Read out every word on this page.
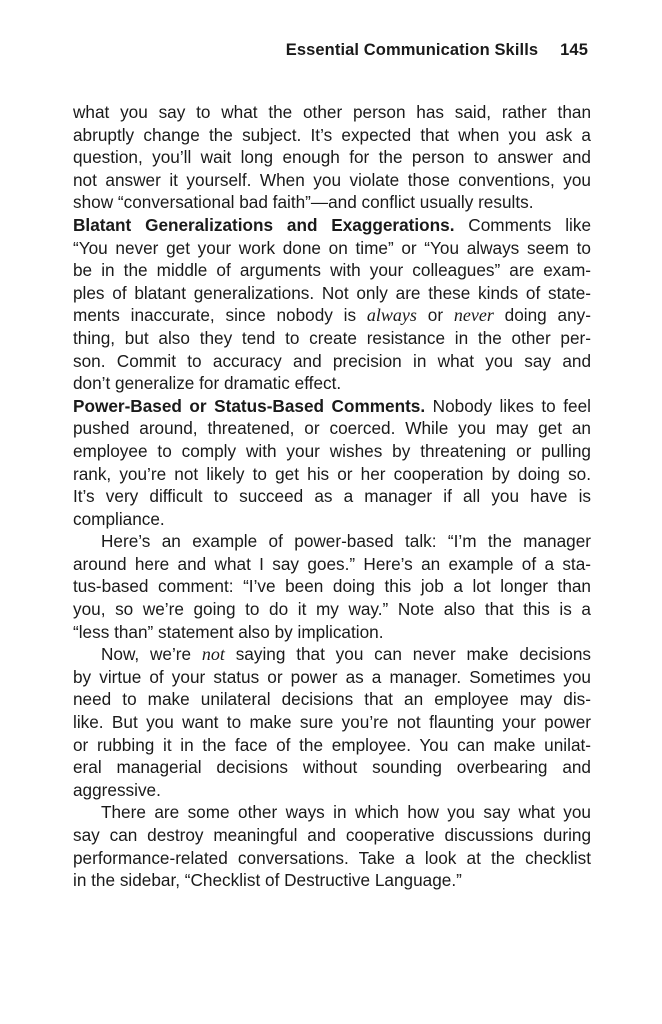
Essential Communication Skills 145

what you say to what the other person has said, rather than
abruptly change the subject. It’s expected that when you ask a
question, you’ll wait long enough for the person to answer and
not answer it yourself. When you violate those conventions, you
show “conversational bad faith”—and conflict usually results.

Blatant Generalizations and Exaggerations. Comments like
“You never get your work done on time” or “You always seem to
be in the middle of arguments with your colleagues” are exam-
ples of blatant generalizations. Not only are these kinds of state-
ments inaccurate, since nobody is always or never doing any-
thing, but also they tend to create resistance in the other per-
son. Commit to accuracy and precision in what you say and
don’t generalize for dramatic effect.

Power-Based or Status-Based Comments. Nobody likes to feel
pushed around, threatened, or coerced. While you may get an
employee to comply with your wishes by threatening or pulling
rank, you’re not likely to get his or her cooperation by doing so.
It’s very difficult to succeed as a manager if all you have is
compliance.

Here’s an example of power-based talk: “I’m the manager
around here and what I say goes.” Here’s an example of a sta-
tus-based comment: “I’ve been doing this job a lot longer than
you, so we’re going to do it my way.” Note also that this is a
“less than” statement also by implication.

Now, we’re not saying that you can never make decisions
by virtue of your status or power as a manager. Sometimes you
need to make unilateral decisions that an employee may dis-
like. But you want to make sure you’re not flaunting your power
or rubbing it in the face of the employee. You can make unilat-
eral managerial decisions without sounding overbearing and
aggressive.

There are some other ways in which how you say what you
say can destroy meaningful and cooperative discussions during
performance-related conversations. Take a look at the checklist
in the sidebar, “Checklist of Destructive Language.”
